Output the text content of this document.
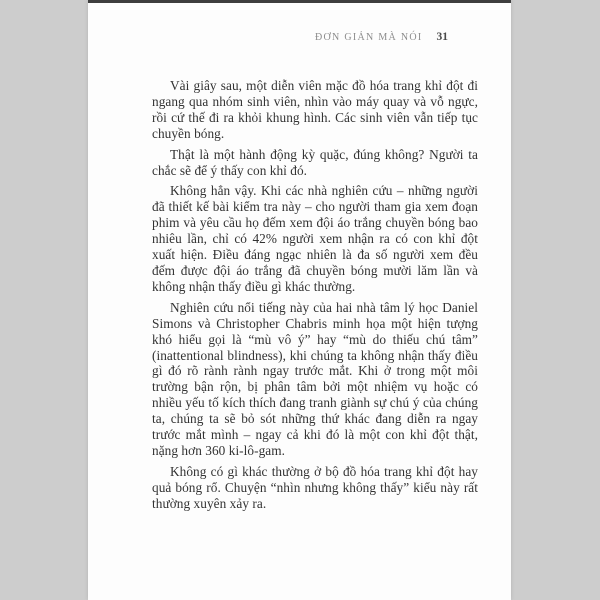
ĐƠN GIẢN MÀ NÓI 31

Vài giây sau, một diễn viên mặc đồ hóa trang khỉ đột đi ngang qua nhóm sinh viên, nhìn vào máy quay và vỗ ngực, rồi cứ thế đi ra khỏi khung hình. Các sinh viên vẫn tiếp tục chuyền bóng.

Thật là một hành động kỳ quặc, đúng không? Người ta chắc sẽ để ý thấy con khỉ đó.

Không hẳn vậy. Khi các nhà nghiên cứu – những người đã thiết kế bài kiểm tra này – cho người tham gia xem đoạn phim và yêu cầu họ đếm xem đội áo trắng chuyền bóng bao nhiêu lần, chỉ có 42% người xem nhận ra có con khỉ đột xuất hiện. Điều đáng ngạc nhiên là đa số người xem đều đếm được đội áo trắng đã chuyền bóng mười lăm lần và không nhận thấy điều gì khác thường.

Nghiên cứu nổi tiếng này của hai nhà tâm lý học Daniel Simons và Christopher Chabris minh họa một hiện tượng khó hiểu gọi là “mù vô ý” hay “mù do thiếu chú tâm” (inattentional blindness), khi chúng ta không nhận thấy điều gì đó rõ rành rành ngay trước mắt. Khi ở trong một môi trường bận rộn, bị phân tâm bởi một nhiệm vụ hoặc có nhiều yếu tố kích thích đang tranh giành sự chú ý của chúng ta, chúng ta sẽ bỏ sót những thứ khác đang diễn ra ngay trước mắt mình – ngay cả khi đó là một con khỉ đột thật, nặng hơn 360 ki-lô-gam.

Không có gì khác thường ở bộ đồ hóa trang khỉ đột hay quả bóng rổ. Chuyện “nhìn nhưng không thấy” kiểu này rất thường xuyên xảy ra.
